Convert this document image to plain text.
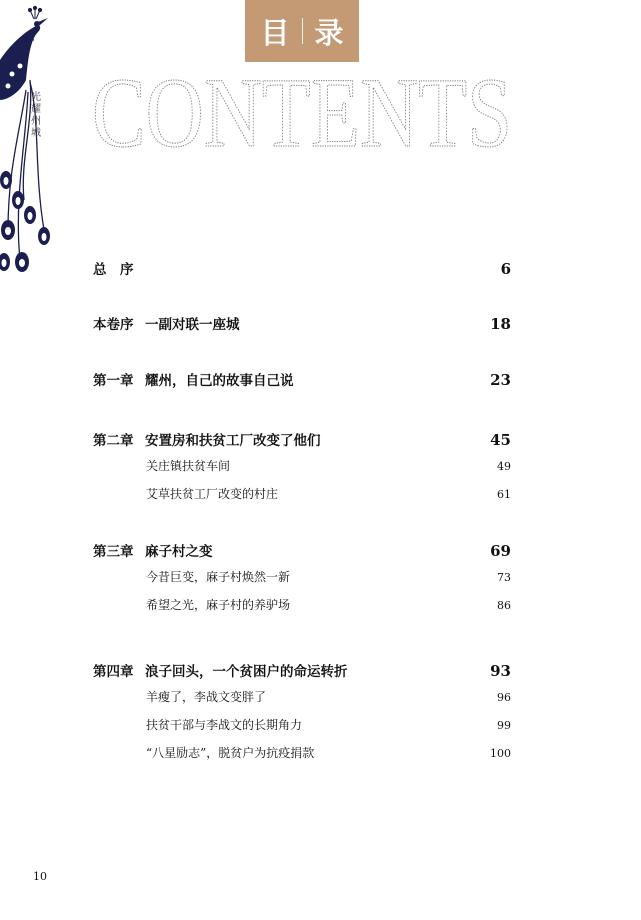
光耀州城
目 录
CONTENTS
总　序	6
本卷序 一副对联一座城	18
第一章 耀州，自己的故事自己说	23
第二章 安置房和扶贫工厂改变了他们	45
关庄镇扶贫车间	49
艾草扶贫工厂改变的村庄	61
第三章 麻子村之变	69
今昔巨变，麻子村焕然一新	73
希望之光，麻子村的养驴场	86
第四章 浪子回头，一个贫困户的命运转折	93
羊瘦了，李战文变胖了	96
扶贫干部与李战文的长期角力	99
“八星励志”，脱贫户为抗疫捐款	100
10
